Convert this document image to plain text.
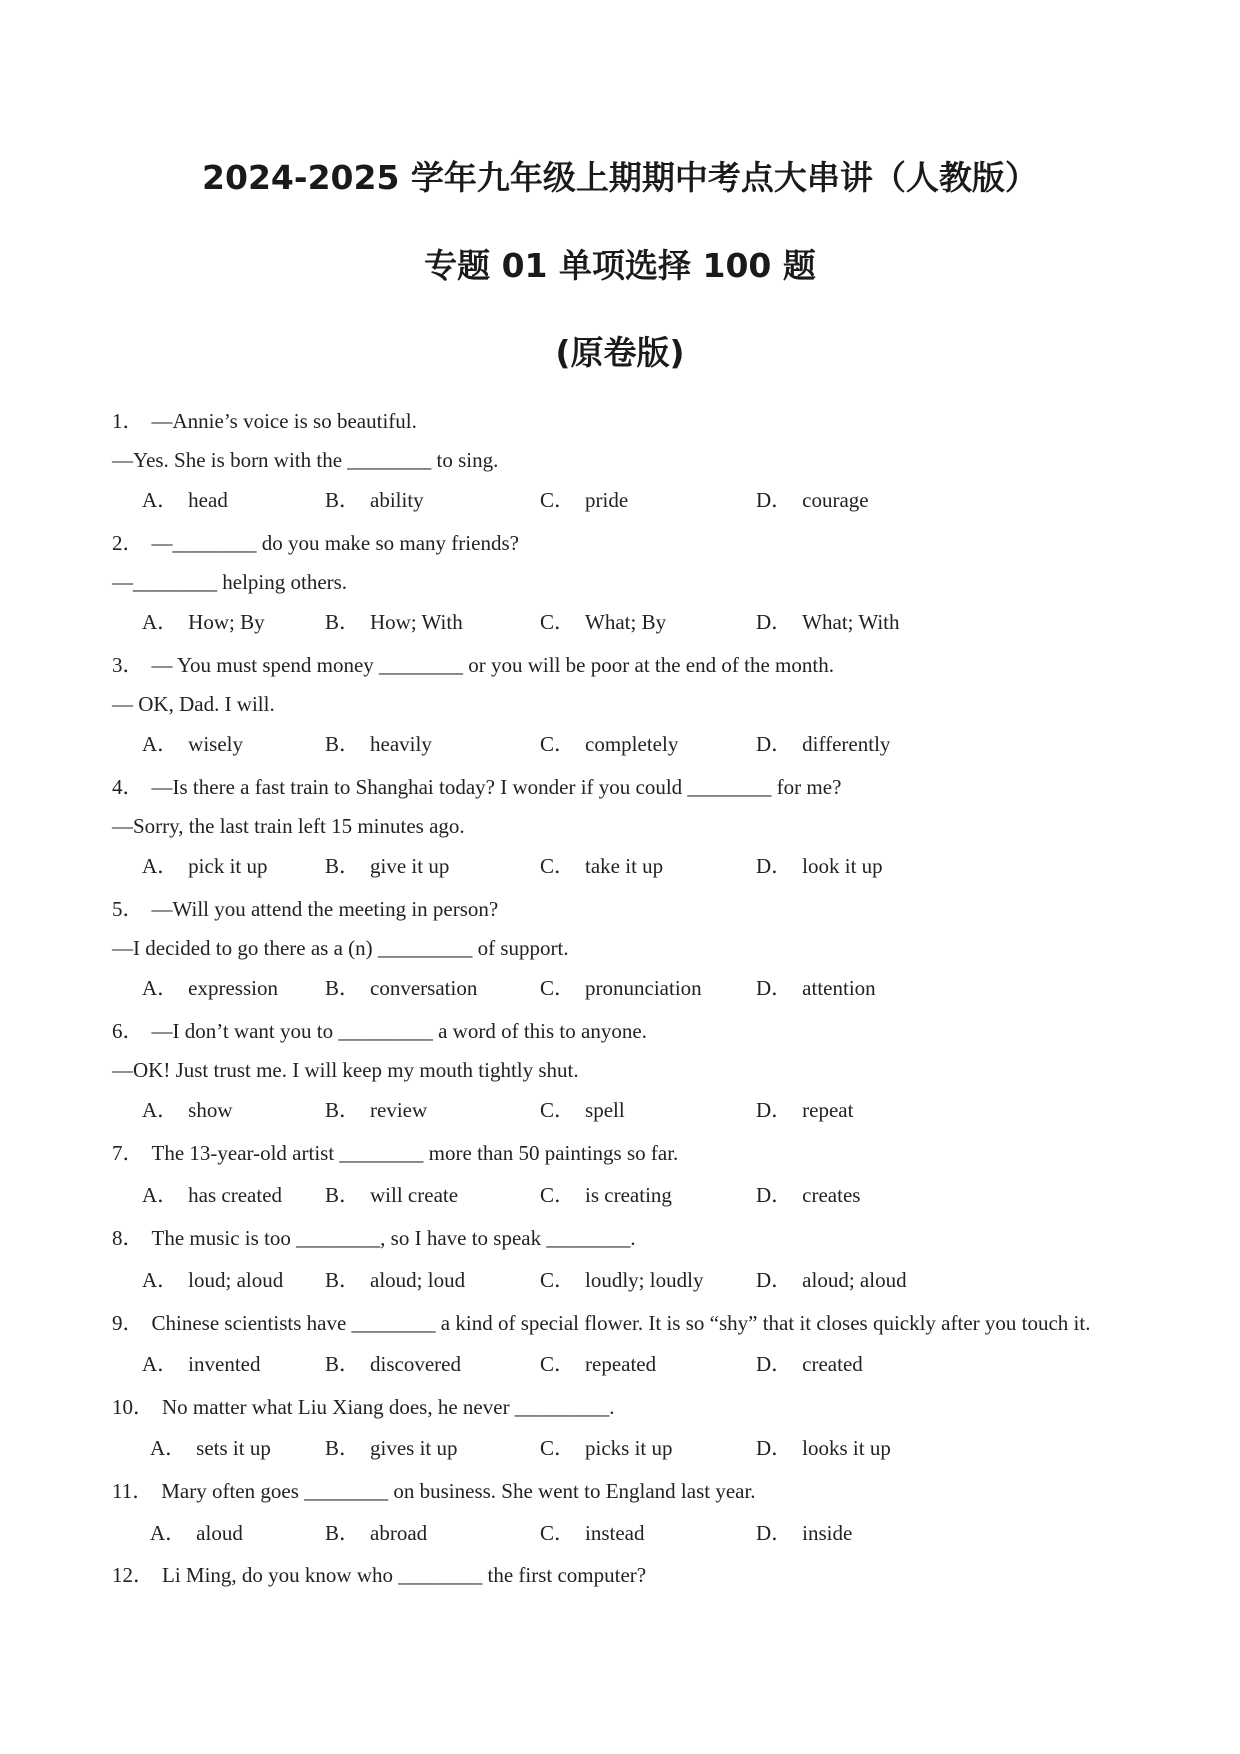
2024-2025 学年九年级上期期中考点大串讲（人教版）
专题 01 单项选择 100 题
(原卷版)
1． —Annie’s voice is so beautiful.
—Yes. She is born with the ________ to sing.
A． head	B． ability	C． pride	D． courage
2． —________ do you make so many friends?
—________ helping others.
A． How; By	B． How; With	C． What; By	D． What; With
3． — You must spend money ________ or you will be poor at the end of the month.
— OK, Dad. I will.
A． wisely	B． heavily	C． completely	D． differently
4． —Is there a fast train to Shanghai today? I wonder if you could ________ for me?
—Sorry, the last train left 15 minutes ago.
A． pick it up	B． give it up	C． take it up	D． look it up
5． —Will you attend the meeting in person?
—I decided to go there as a (n) _________ of support.
A． expression B． conversation	C． pronunciation	D． attention
6． —I don’t want you to _________ a word of this to anyone.
—OK! Just trust me. I will keep my mouth tightly shut.
A． show	B． review	C． spell	D． repeat
7． The 13-year-old artist ________ more than 50 paintings so far.
A． has created B． will create	C． is creating	D． creates
8． The music is too ________, so I have to speak ________.
A． loud; aloud B． aloud; loud	C． loudly; loudly	D． aloud; aloud
9． Chinese scientists have ________ a kind of special flower. It is so “shy” that it closes quickly after you touch it.
A． invented	B． discovered	C． repeated	D． created
10． No matter what Liu Xiang does, he never _________.
A． sets it up	B． gives it up	C． picks it up	D． looks it up
11． Mary often goes ________ on business. She went to England last year.
A． aloud	B． abroad	C． instead	D． inside
12． Li Ming, do you know who ________ the first computer?
